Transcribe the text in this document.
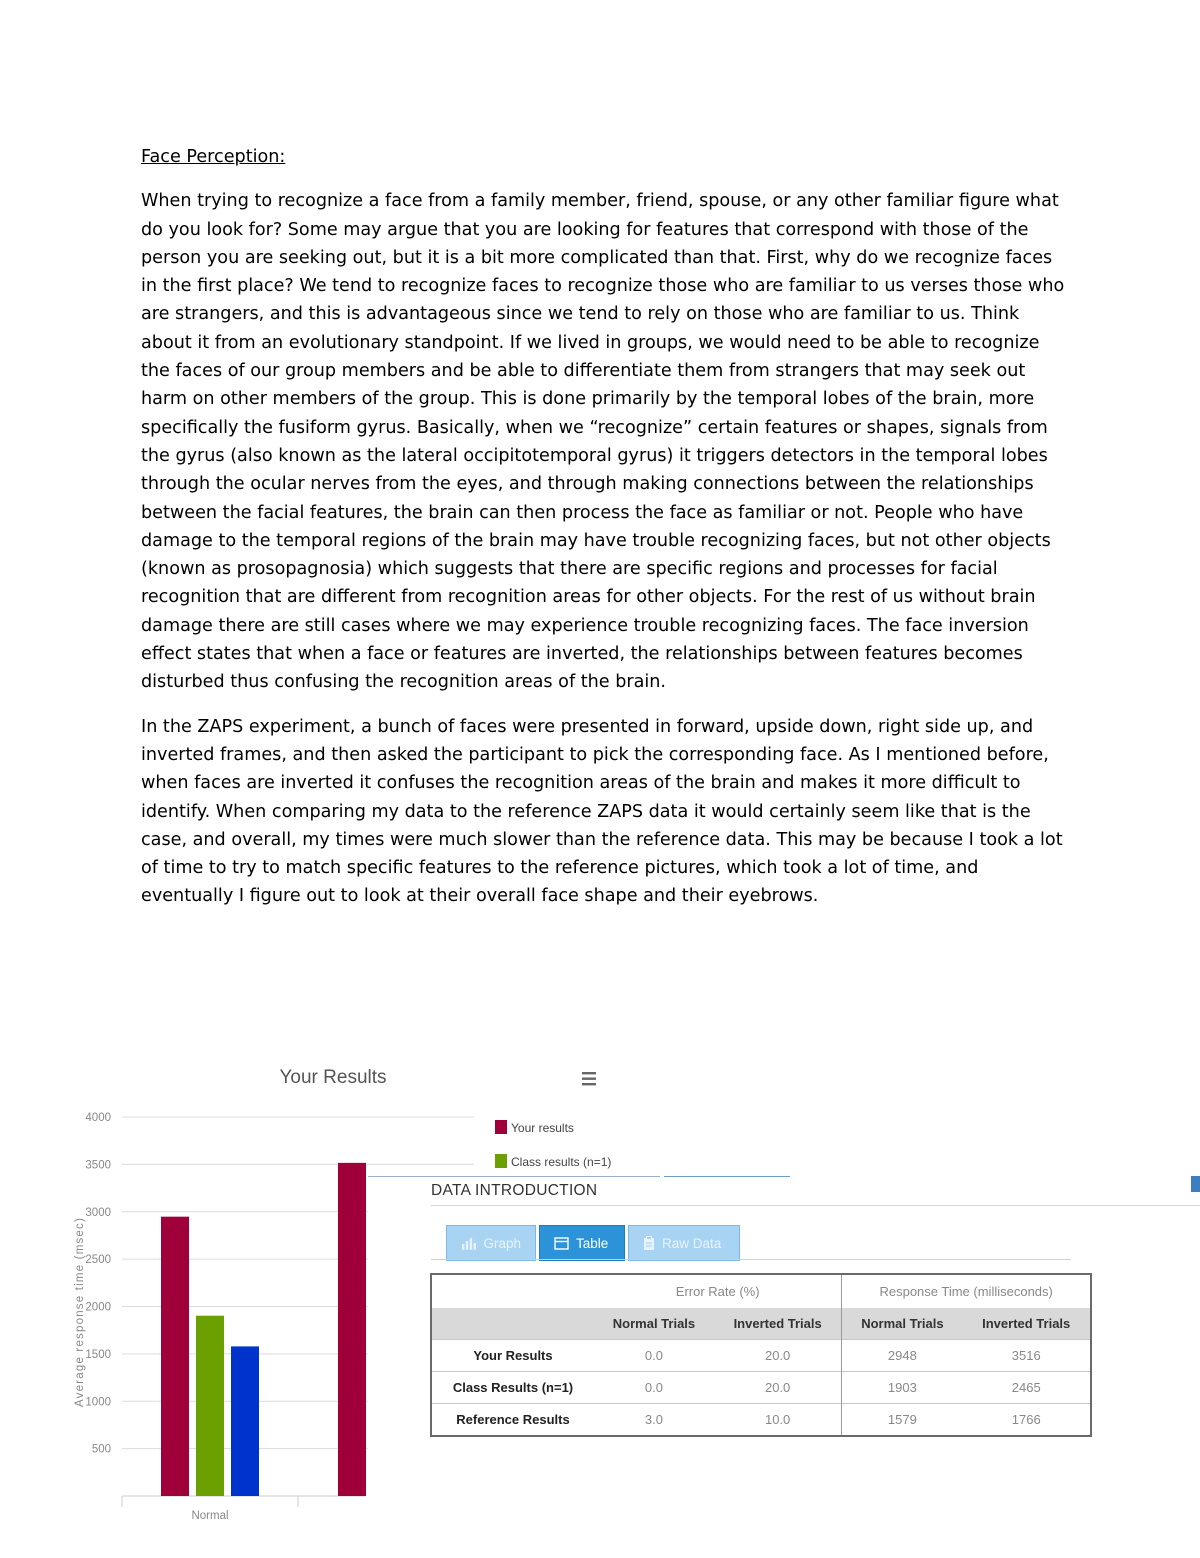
Face Perception:

When trying to recognize a face from a family member, friend, spouse, or any other familiar figure what do you look for? Some may argue that you are looking for features that correspond with those of the person you are seeking out, but it is a bit more complicated than that. First, why do we recognize faces in the first place? We tend to recognize faces to recognize those who are familiar to us verses those who are strangers, and this is advantageous since we tend to rely on those who are familiar to us. Think about it from an evolutionary standpoint. If we lived in groups, we would need to be able to recognize the faces of our group members and be able to differentiate them from strangers that may seek out harm on other members of the group. This is done primarily by the temporal lobes of the brain, more specifically the fusiform gyrus. Basically, when we “recognize” certain features or shapes, signals from the gyrus (also known as the lateral occipitotemporal gyrus) it triggers detectors in the temporal lobes through the ocular nerves from the eyes, and through making connections between the relationships between the facial features, the brain can then process the face as familiar or not. People who have damage to the temporal regions of the brain may have trouble recognizing faces, but not other objects (known as prosopagnosia) which suggests that there are specific regions and processes for facial recognition that are different from recognition areas for other objects. For the rest of us without brain damage there are still cases where we may experience trouble recognizing faces. The face inversion effect states that when a face or features are inverted, the relationships between features becomes disturbed thus confusing the recognition areas of the brain.

In the ZAPS experiment, a bunch of faces were presented in forward, upside down, right side up, and inverted frames, and then asked the participant to pick the corresponding face. As I mentioned before, when faces are inverted it confuses the recognition areas of the brain and makes it more difficult to identify. When comparing my data to the reference ZAPS data it would certainly seem like that is the case, and overall, my times were much slower than the reference data. This may be because I took a lot of time to try to match specific features to the reference pictures, which took a lot of time, and eventually I figure out to look at their overall face shape and their eyebrows.

500
1000
1500
2000
2500
3000
3500
4000
Your Results
Average response time (msec)
Your results
Class results (n=1)
Normal
DATA INTRODUCTION
Graph	Table	Raw Data
	Error Rate (%)		Response Time (milliseconds)	
	Normal Trials	Inverted Trials	Normal Trials	Inverted Trials
Your Results	0.0	20.0	2948	3516
Class Results (n=1)	0.0	20.0	1903	2465
Reference Results	3.0	10.0	1579	1766
